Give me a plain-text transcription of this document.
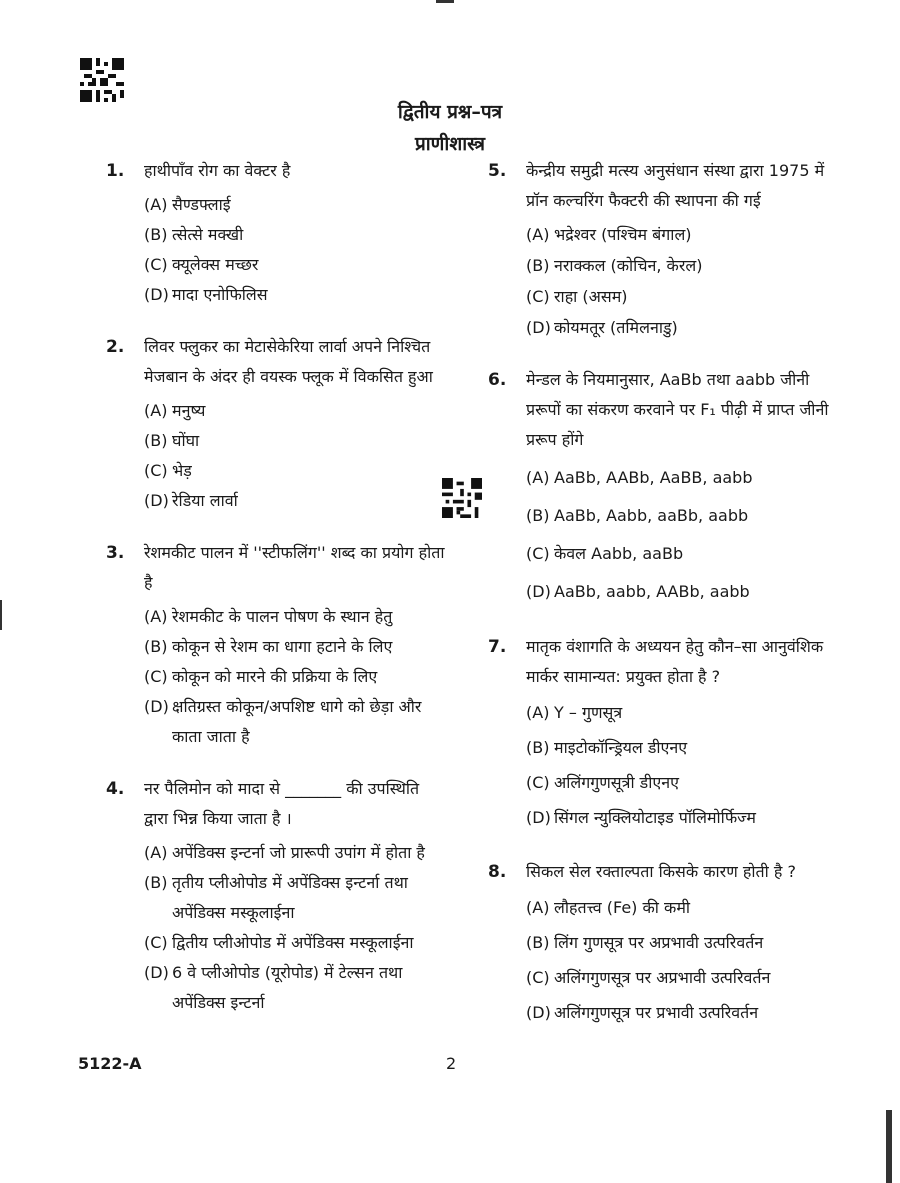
द्वितीय प्रश्न–पत्र
प्राणीशास्त्र
1. हाथीपाँव रोग का वेक्टर है
(A) सैण्डफ्लाई
(B) त्सेत्से मक्खी
(C) क्यूलेक्स मच्छर
(D) मादा एनोफिलिस
2. लिवर फ्लुकर का मेटासेकेरिया लार्वा अपने निश्चित मेजबान के अंदर ही वयस्क फ्लूक में विकसित हुआ
(A) मनुष्य
(B) घोंघा
(C) भेड़
(D) रेडिया लार्वा
3. रेशमकीट पालन में ''स्टीफलिंग'' शब्द का प्रयोग होता है
(A) रेशमकीट के पालन पोषण के स्थान हेतु
(B) कोकून से रेशम का धागा हटाने के लिए
(C) कोकून को मारने की प्रक्रिया के लिए
(D) क्षतिग्रस्त कोकून/अपशिष्ट धागे को छेड़ा और काता जाता है
4. नर पैलिमोन को मादा से _______ की उपस्थिति द्वारा भिन्न किया जाता है ।
(A) अपेंडिक्स इन्टर्ना जो प्रारूपी उपांग में होता है
(B) तृतीय प्लीओपोड में अपेंडिक्स इन्टर्ना तथा अपेंडिक्स मस्कूलाईना
(C) द्वितीय प्लीओपोड में अपेंडिक्स मस्कूलाईना
(D) 6 वे प्लीओपोड (यूरोपोड) में टेल्सन तथा अपेंडिक्स इन्टर्ना
5. केन्द्रीय समुद्री मत्स्य अनुसंधान संस्था द्वारा 1975 में प्रॉन कल्चरिंग फैक्टरी की स्थापना की गई
(A) भद्रेश्वर (पश्चिम बंगाल)
(B) नराक्कल (कोचिन, केरल)
(C) राहा (असम)
(D) कोयमतूर (तमिलनाडु)
6. मेन्डल के नियमानुसार, AaBb तथा aabb जीनी प्ररूपों का संकरण करवाने पर F₁ पीढ़ी में प्राप्त जीनी प्ररूप होंगे
(A) AaBb, AABb, AaBB, aabb
(B) AaBb, Aabb, aaBb, aabb
(C) केवल Aabb, aaBb
(D) AaBb, aabb, AABb, aabb
7. मातृक वंशागति के अध्ययन हेतु कौन–सा आनुवंशिक मार्कर सामान्यत: प्रयुक्त होता है ?
(A) Y – गुणसूत्र
(B) माइटोकॉन्ड्रियल डीएनए
(C) अलिंगगुणसूत्री डीएनए
(D) सिंगल न्युक्लियोटाइड पॉलिमोर्फिज्म
8. सिकल सेल रक्ताल्पता किसके कारण होती है ?
(A) लौहतत्त्व (Fe) की कमी
(B) लिंग गुणसूत्र पर अप्रभावी उत्परिवर्तन
(C) अलिंगगुणसूत्र पर अप्रभावी उत्परिवर्तन
(D) अलिंगगुणसूत्र पर प्रभावी उत्परिवर्तन
5122-A	2
